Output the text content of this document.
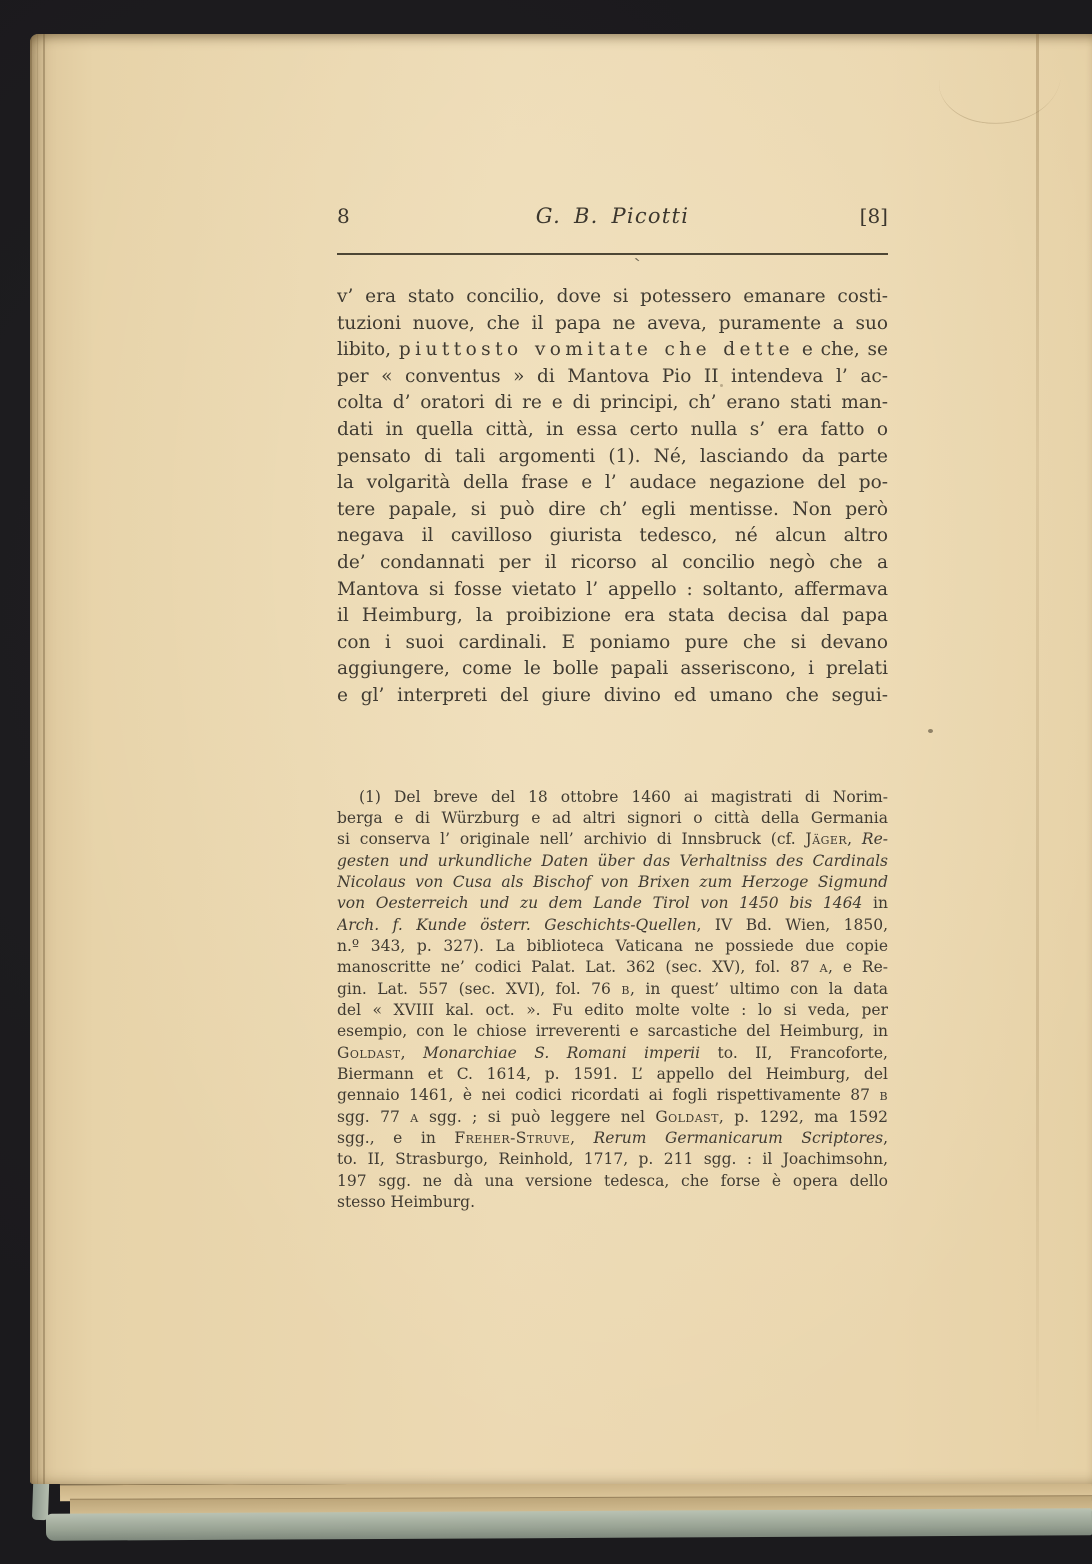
`
8	G. B. Picotti	[8]
v’ era stato concilio, dove si potessero emanare costi-
tuzioni nuove, che il papa ne aveva, puramente a suo
libito, piuttosto vomitate che dette e che, se
per « conventus » di Mantova Pio II intendeva l’ ac-
colta d’ oratori di re e di principi, ch’ erano stati man-
dati in quella città, in essa certo nulla s’ era fatto o
pensato di tali argomenti (1). Né, lasciando da parte
la volgarità della frase e l’ audace negazione del po-
tere papale, si può dire ch’ egli mentisse. Non però
negava il cavilloso giurista tedesco, né alcun altro
de’ condannati per il ricorso al concilio negò che a
Mantova si fosse vietato l’ appello : soltanto, affermava
il Heimburg, la proibizione era stata decisa dal papa
con i suoi cardinali. E poniamo pure che si devano
aggiungere, come le bolle papali asseriscono, i prelati
e gl’ interpreti del giure divino ed umano che segui-
(1) Del breve del 18 ottobre 1460 ai magistrati di Norim-
berga e di Würzburg e ad altri signori o città della Germania
si conserva l’ originale nell’ archivio di Innsbruck (cf. Jäger, Re-
gesten und urkundliche Daten über das Verhaltniss des Cardinals
Nicolaus von Cusa als Bischof von Brixen zum Herzoge Sigmund
von Oesterreich und zu dem Lande Tirol von 1450 bis 1464 in
Arch. f. Kunde österr. Geschichts-Quellen, IV Bd. Wien, 1850,
n.º 343, p. 327). La biblioteca Vaticana ne possiede due copie
manoscritte ne’ codici Palat. Lat. 362 (sec. XV), fol. 87 a, e Re-
gin. Lat. 557 (sec. XVI), fol. 76 b, in quest’ ultimo con la data
del « XVIII kal. oct. ». Fu edito molte volte : lo si veda, per
esempio, con le chiose irreverenti e sarcastiche del Heimburg, in
Goldast, Monarchiae S. Romani imperii to. II, Francoforte,
Biermann et C. 1614, p. 1591. L’ appello del Heimburg, del
gennaio 1461, è nei codici ricordati ai fogli rispettivamente 87 b
sgg. 77 a sgg. ; si può leggere nel Goldast, p. 1292, ma 1592
sgg., e in Freher-Struve, Rerum Germanicarum Scriptores,
to. II, Strasburgo, Reinhold, 1717, p. 211 sgg. : il Joachimsohn,
197 sgg. ne dà una versione tedesca, che forse è opera dello
stesso Heimburg.
